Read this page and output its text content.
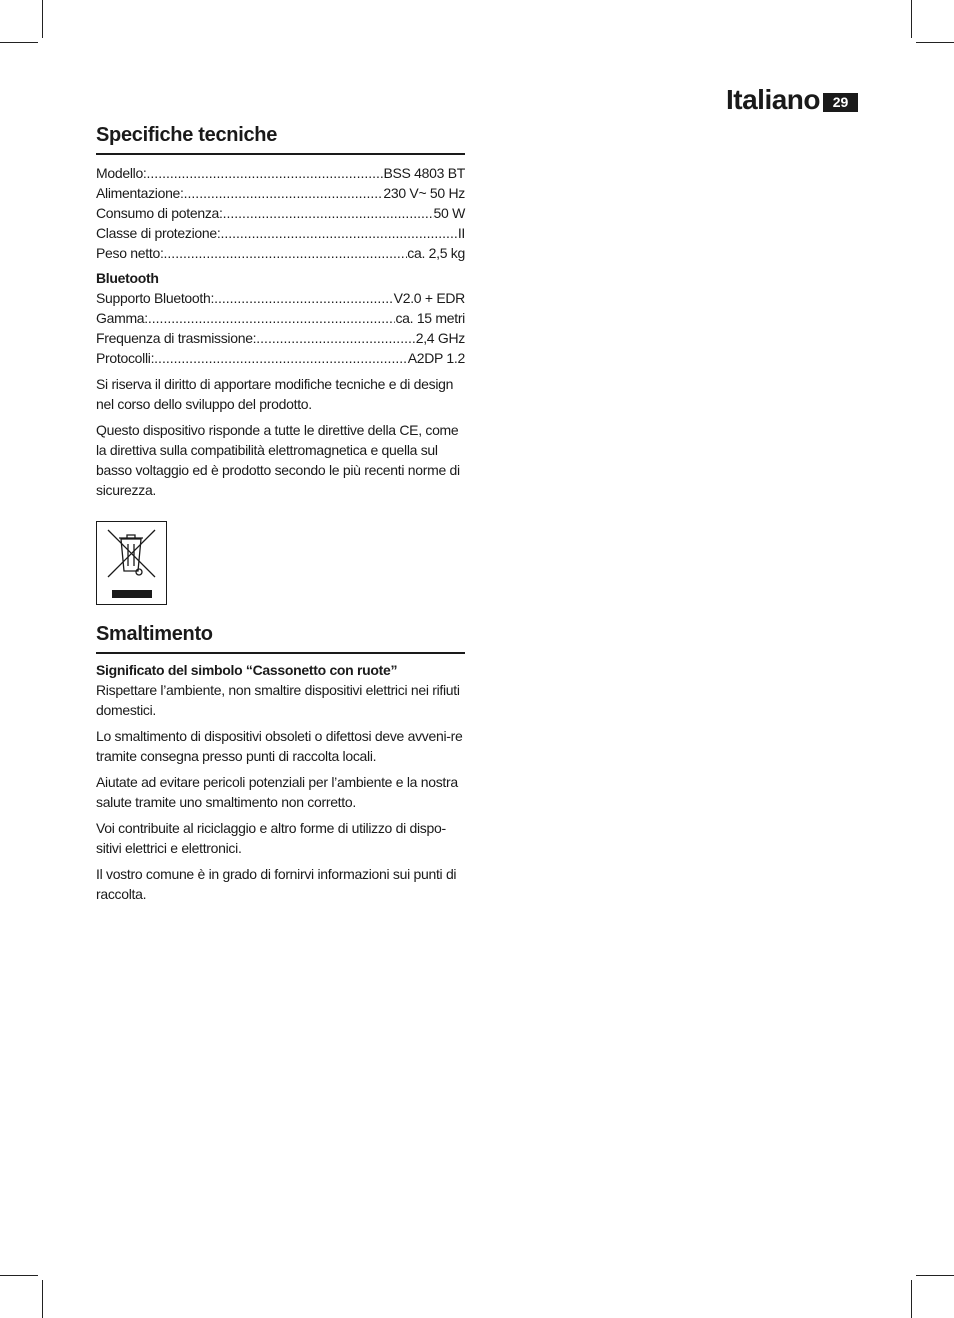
Italiano 29
Specifiche tecniche
Modello: .....	BSS 4803 BT
Alimentazione: .....	230 V~ 50 Hz
Consumo di potenza: .....	50 W
Classe di protezione: .....	II
Peso netto: .....	ca. 2,5 kg
Bluetooth
Supporto Bluetooth: .....	V2.0 + EDR
Gamma: .....	ca. 15 metri
Frequenza di trasmissione: .....	2,4 GHz
Protocolli: .....	A2DP 1.2

Si riserva il diritto di apportare modifiche tecniche e di design nel corso dello sviluppo del prodotto.

Questo dispositivo risponde a tutte le direttive della CE, come la direttiva sulla compatibilità elettromagnetica e quella sul basso voltaggio ed è prodotto secondo le più recenti norme di sicurezza.

Smaltimento
Significato del simbolo “Cassonetto con ruote”

Rispettare l’ambiente, non smaltire dispositivi elettrici nei rifiuti domestici.

Lo smaltimento di dispositivi obsoleti o difettosi deve avveni-re tramite consegna presso punti di raccolta locali.

Aiutate ad evitare pericoli potenziali per l’ambiente e la nostra salute tramite uno smaltimento non corretto.

Voi contribuite al riciclaggio e altro forme di utilizzo di dispo-sitivi elettrici e elettronici.

Il vostro comune è in grado di fornirvi informazioni sui punti di raccolta.
